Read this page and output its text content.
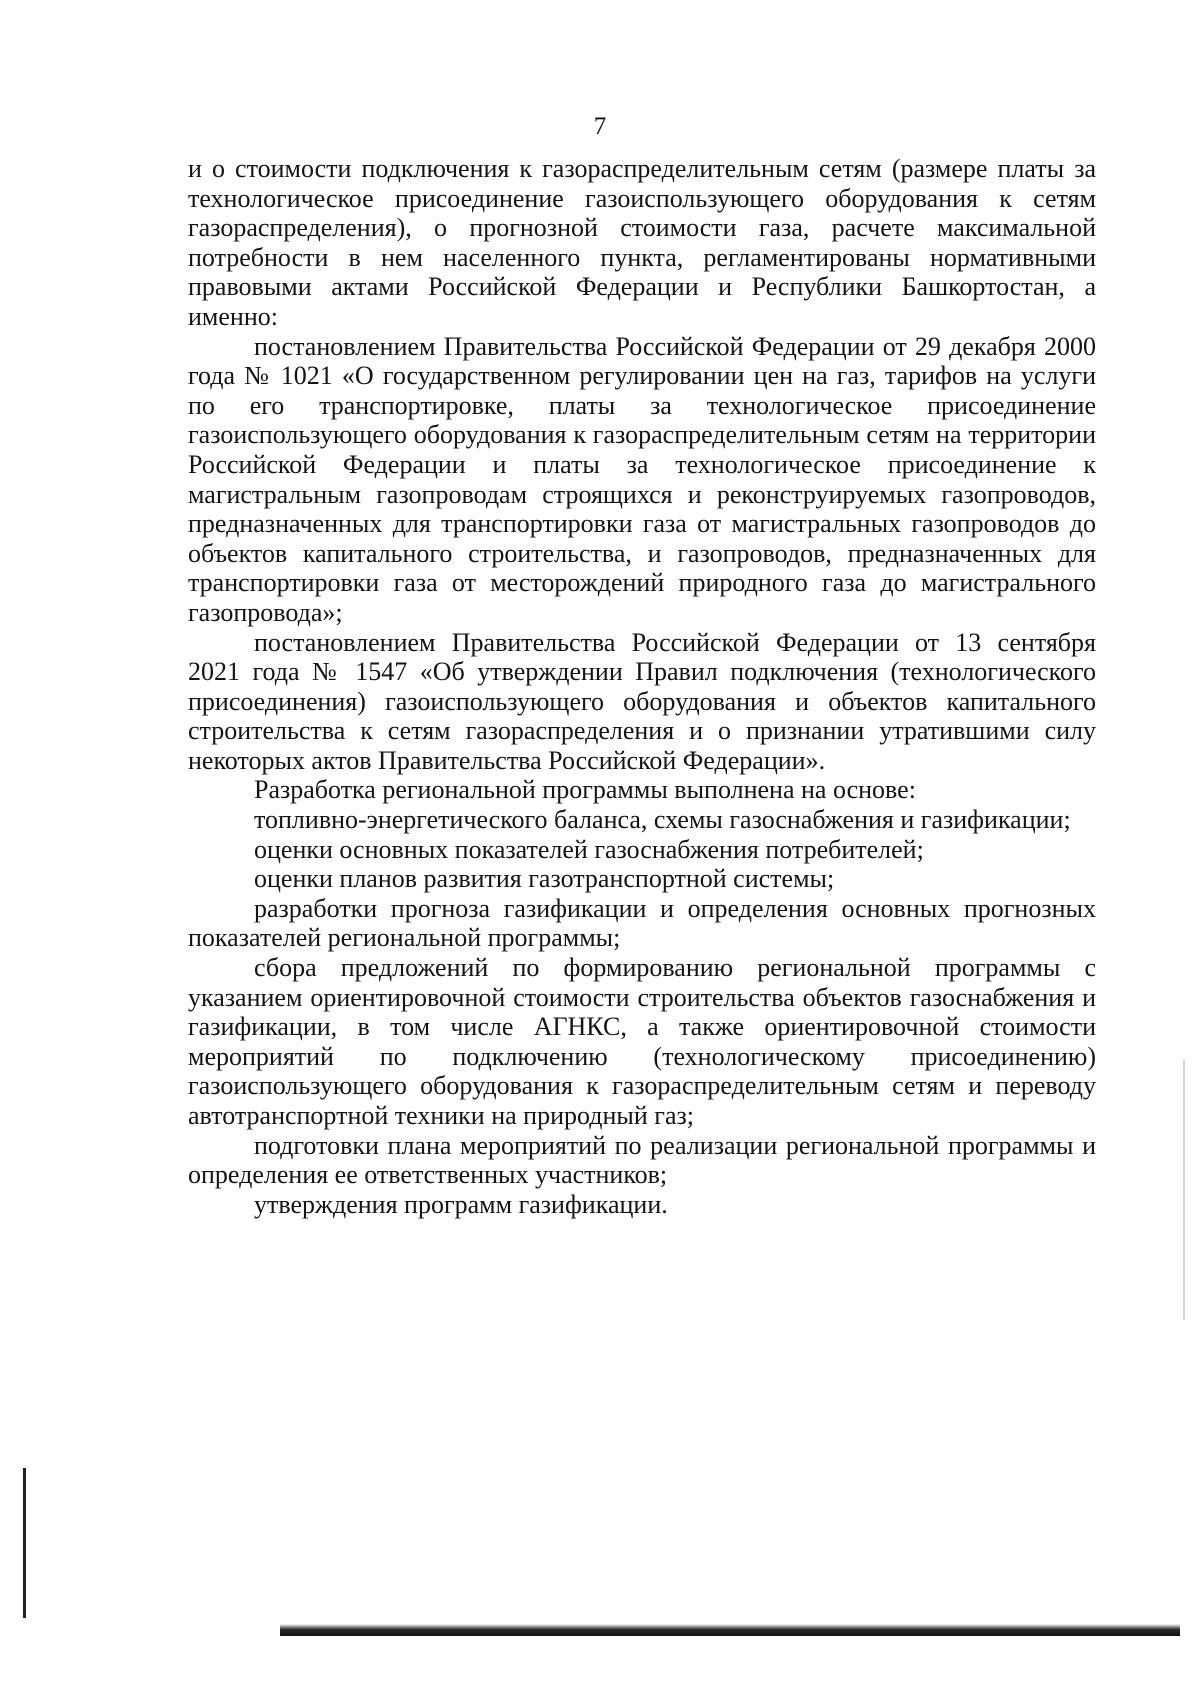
7

и о стоимости подключения к газораспределительным сетям (размере платы за технологическое присоединение газоиспользующего оборудования к сетям газораспределения), о прогнозной стоимости газа, расчете максимальной потребности в нем населенного пункта, регламентированы нормативными правовыми актами Российской Федерации и Республики Башкортостан, а именно:

постановлением Правительства Российской Федерации от 29 декабря 2000 года № 1021 «О государственном регулировании цен на газ, тарифов на услуги по его транспортировке, платы за технологическое присоединение газоиспользующего оборудования к газораспределительным сетям на территории Российской Федерации и платы за технологическое присоединение к магистральным газопроводам строящихся и реконструируемых газопроводов, предназначенных для транспортировки газа от магистральных газопроводов до объектов капитального строительства, и газопроводов, предназначенных для транспортировки газа от месторождений природного газа до магистрального газопровода»;

постановлением Правительства Российской Федерации от 13 сентября 2021 года № 1547 «Об утверждении Правил подключения (технологического присоединения) газоиспользующего оборудования и объектов капитального строительства к сетям газораспределения и о признании утратившими силу некоторых актов Правительства Российской Федерации».

Разработка региональной программы выполнена на основе:

топливно-энергетического баланса, схемы газоснабжения и газификации;

оценки основных показателей газоснабжения потребителей;

оценки планов развития газотранспортной системы;

разработки прогноза газификации и определения основных прогнозных показателей региональной программы;

сбора предложений по формированию региональной программы с указанием ориентировочной стоимости строительства объектов газоснабжения и газификации, в том числе АГНКС, а также ориентировочной стоимости мероприятий по подключению (технологическому присоединению) газоиспользующего оборудования к газораспределительным сетям и переводу автотранспортной техники на природный газ;

подготовки плана мероприятий по реализации региональной программы и определения ее ответственных участников;

утверждения программ газификации.
